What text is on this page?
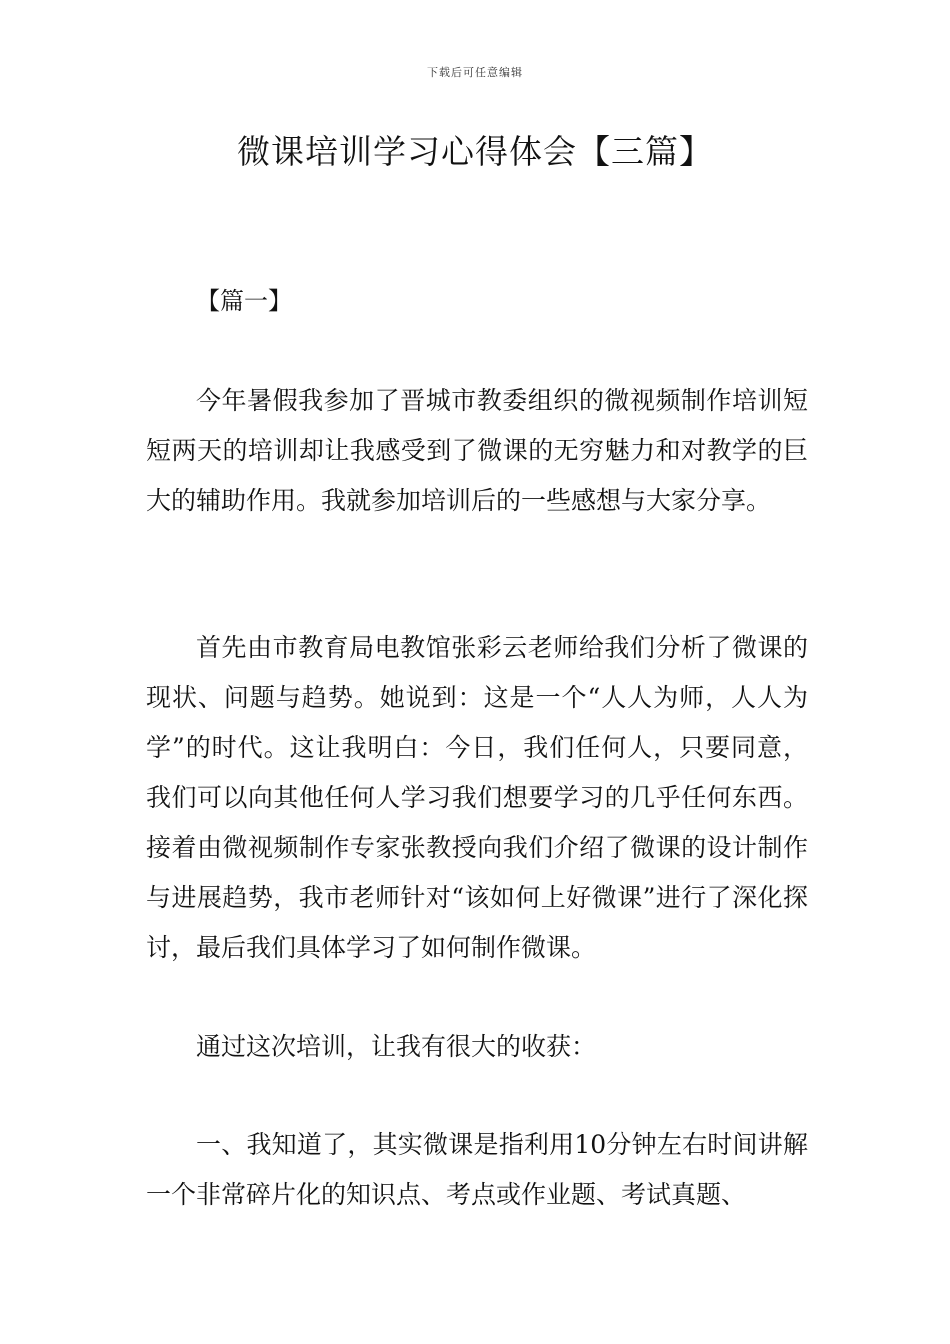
下载后可任意编辑
微课培训学习心得体会【三篇】
【篇一】

今年暑假我参加了晋城市教委组织的微视频制作培训短短两天的培训却让我感受到了微课的无穷魅力和对教学的巨大的辅助作用。我就参加培训后的一些感想与大家分享。

首先由市教育局电教馆张彩云老师给我们分析了微课的现状、问题与趋势。她说到：这是一个“人人为师，人人为学”的时代。这让我明白：今日，我们任何人，只要同意，我们可以向其他任何人学习我们想要学习的几乎任何东西。接着由微视频制作专家张教授向我们介绍了微课的设计制作与进展趋势，我市老师针对“该如何上好微课”进行了深化探讨，最后我们具体学习了如何制作微课。

通过这次培训，让我有很大的收获：

一、我知道了，其实微课是指利用10分钟左右时间讲解一个非常碎片化的知识点、考点或作业题、考试真题、
